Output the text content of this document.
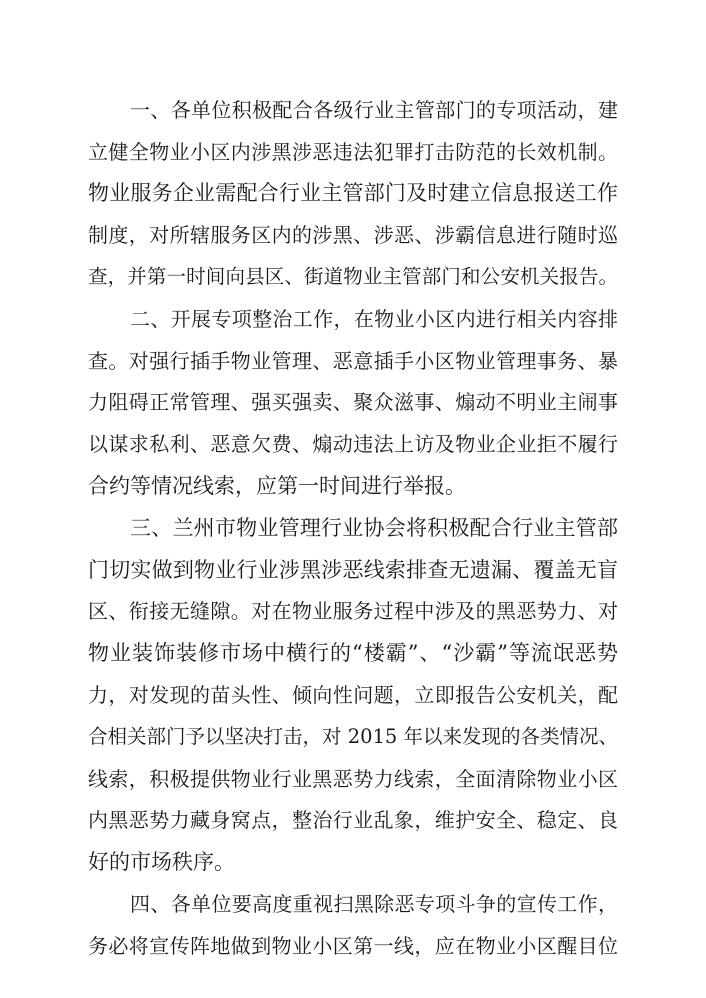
一、各单位积极配合各级行业主管部门的专项活动，建
立健全物业小区内涉黑涉恶违法犯罪打击防范的长效机制。
物业服务企业需配合行业主管部门及时建立信息报送工作
制度，对所辖服务区内的涉黑、涉恶、涉霸信息进行随时巡
查，并第一时间向县区、街道物业主管部门和公安机关报告。
二、开展专项整治工作，在物业小区内进行相关内容排
查。对强行插手物业管理、恶意插手小区物业管理事务、暴
力阻碍正常管理、强买强卖、聚众滋事、煽动不明业主闹事
以谋求私利、恶意欠费、煽动违法上访及物业企业拒不履行
合约等情况线索，应第一时间进行举报。
三、兰州市物业管理行业协会将积极配合行业主管部
门切实做到物业行业涉黑涉恶线索排查无遗漏、覆盖无盲
区、衔接无缝隙。对在物业服务过程中涉及的黑恶势力、对
物业装饰装修市场中横行的“楼霸”、“沙霸”等流氓恶势
力，对发现的苗头性、倾向性问题，立即报告公安机关，配
合相关部门予以坚决打击，对 2015 年以来发现的各类情况、
线索，积极提供物业行业黑恶势力线索，全面清除物业小区
内黑恶势力藏身窝点，整治行业乱象，维护安全、稳定、良
好的市场秩序。
四、各单位要高度重视扫黑除恶专项斗争的宣传工作，
务必将宣传阵地做到物业小区第一线，应在物业小区醒目位
